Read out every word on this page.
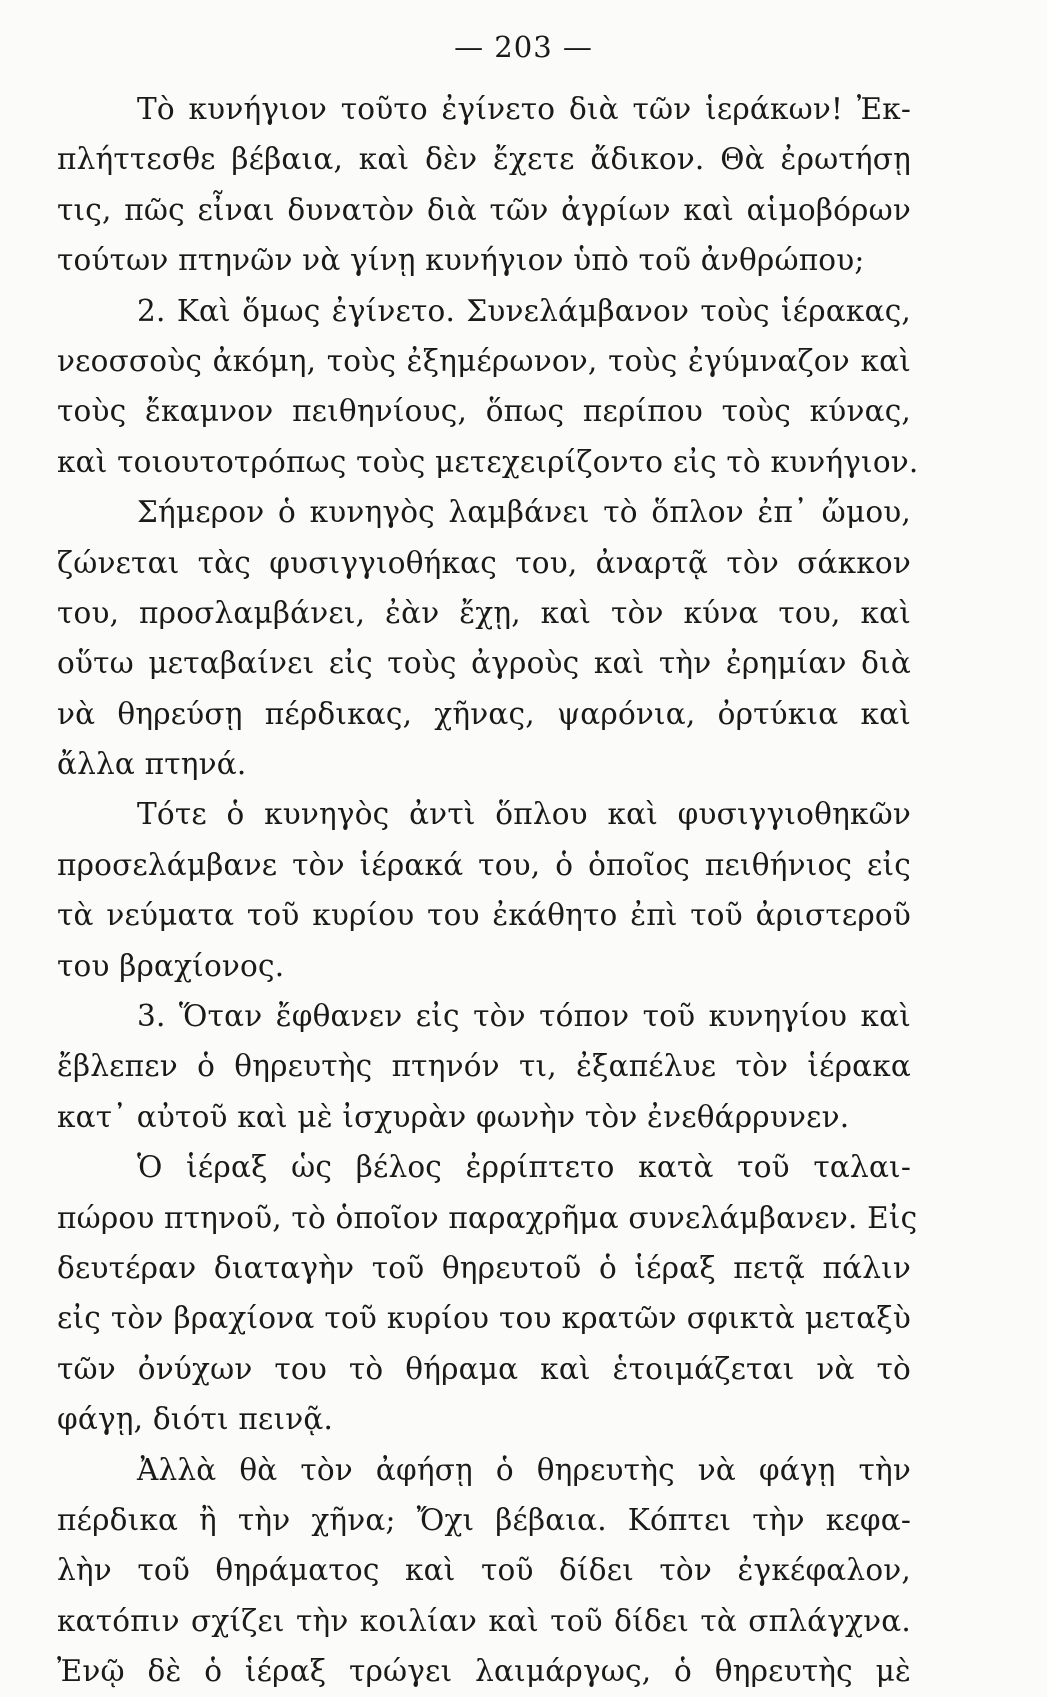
— 203 —
Τὸ κυνήγιον τοῦτο ἐγίνετο διὰ τῶν ἱεράκων! Ἐκ-
πλήττεσθε βέβαια, καὶ δὲν ἔχετε ἄδικον. Θὰ ἐρωτήσῃ
τις, πῶς εἶναι δυνατὸν διὰ τῶν ἀγρίων καὶ αἱμοβόρων
τούτων πτηνῶν νὰ γίνῃ κυνήγιον ὑπὸ τοῦ ἀνθρώπου;
2. Καὶ ὅμως ἐγίνετο. Συνελάμβανον τοὺς ἱέρακας,
νεοσσοὺς ἀκόμη, τοὺς ἐξημέρωνον, τοὺς ἐγύμναζον καὶ
τοὺς ἔκαμνον πειθηνίους, ὅπως περίπου τοὺς κύνας,
καὶ τοιουτοτρόπως τοὺς μετεχειρίζοντο εἰς τὸ κυνήγιον.
Σήμερον ὁ κυνηγὸς λαμβάνει τὸ ὅπλον ἐπ᾽ ὤμου,
ζώνεται τὰς φυσιγγιοθήκας του, ἀναρτᾷ τὸν σάκκον
του, προσλαμβάνει, ἐὰν ἔχῃ, καὶ τὸν κύνα του, καὶ
οὕτω μεταβαίνει εἰς τοὺς ἀγροὺς καὶ τὴν ἐρημίαν διὰ
νὰ θηρεύσῃ πέρδικας, χῆνας, ψαρόνια, ὀρτύκια καὶ
ἄλλα πτηνά.
Τότε ὁ κυνηγὸς ἀντὶ ὅπλου καὶ φυσιγγιοθηκῶν
προσελάμβανε τὸν ἱέρακά του, ὁ ὁποῖος πειθήνιος εἰς
τὰ νεύματα τοῦ κυρίου του ἐκάθητο ἐπὶ τοῦ ἀριστεροῦ
του βραχίονος.
3. Ὅταν ἔφθανεν εἰς τὸν τόπον τοῦ κυνηγίου καὶ
ἔβλεπεν ὁ θηρευτὴς πτηνόν τι, ἐξαπέλυε τὸν ἱέρακα
κατ᾽ αὐτοῦ καὶ μὲ ἰσχυρὰν φωνὴν τὸν ἐνεθάρρυνεν.
Ὁ ἱέραξ ὡς βέλος ἐρρίπτετο κατὰ τοῦ ταλαι-
πώρου πτηνοῦ, τὸ ὁποῖον παραχρῆμα συνελάμβανεν. Εἰς
δευτέραν διαταγὴν τοῦ θηρευτοῦ ὁ ἱέραξ πετᾷ πάλιν
εἰς τὸν βραχίονα τοῦ κυρίου του κρατῶν σφικτὰ μεταξὺ
τῶν ὀνύχων του τὸ θήραμα καὶ ἑτοιμάζεται νὰ τὸ
φάγῃ, διότι πεινᾷ.
Ἀλλὰ θὰ τὸν ἀφήσῃ ὁ θηρευτὴς νὰ φάγῃ τὴν
πέρδικα ἢ τὴν χῆνα; Ὄχι βέβαια. Κόπτει τὴν κεφα-
λὴν τοῦ θηράματος καὶ τοῦ δίδει τὸν ἐγκέφαλον,
κατόπιν σχίζει τὴν κοιλίαν καὶ τοῦ δίδει τὰ σπλάγχνα.
Ἐνῷ δὲ ὁ ἱέραξ τρώγει λαιμάργως, ὁ θηρευτὴς μὲ
